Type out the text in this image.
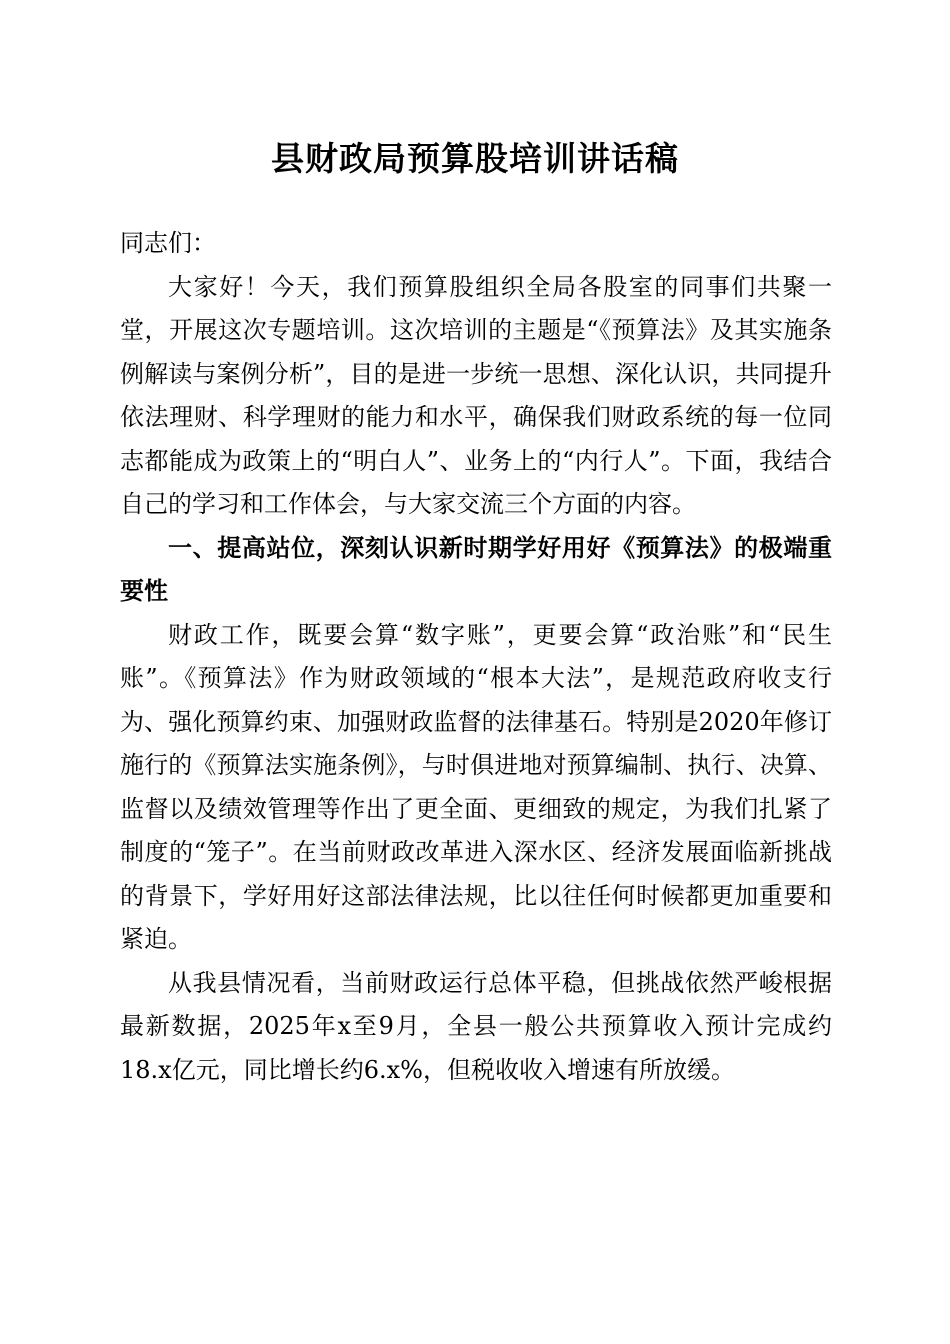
县财政局预算股培训讲话稿

同志们：

大家好！今天，我们预算股组织全局各股室的同事们共聚一堂，开展这次专题培训。这次培训的主题是“《预算法》及其实施条例解读与案例分析”，目的是进一步统一思想、深化认识，共同提升依法理财、科学理财的能力和水平，确保我们财政系统的每一位同志都能成为政策上的“明白人”、业务上的“内行人”。下面，我结合自己的学习和工作体会，与大家交流三个方面的内容。

一、提高站位，深刻认识新时期学好用好《预算法》的极端重要性

财政工作，既要会算“数字账”，更要会算“政治账”和“民生账”。《预算法》作为财政领域的“根本大法”，是规范政府收支行为、强化预算约束、加强财政监督的法律基石。特别是2020年修订施行的《预算法实施条例》，与时俱进地对预算编制、执行、决算、监督以及绩效管理等作出了更全面、更细致的规定，为我们扎紧了制度的“笼子”。在当前财政改革进入深水区、经济发展面临新挑战的背景下，学好用好这部法律法规，比以往任何时候都更加重要和紧迫。

从我县情况看，当前财政运行总体平稳，但挑战依然严峻根据最新数据，2025年x至9月，全县一般公共预算收入预计完成约18.x亿元，同比增长约6.x%，但税收收入增速有所放缓。
